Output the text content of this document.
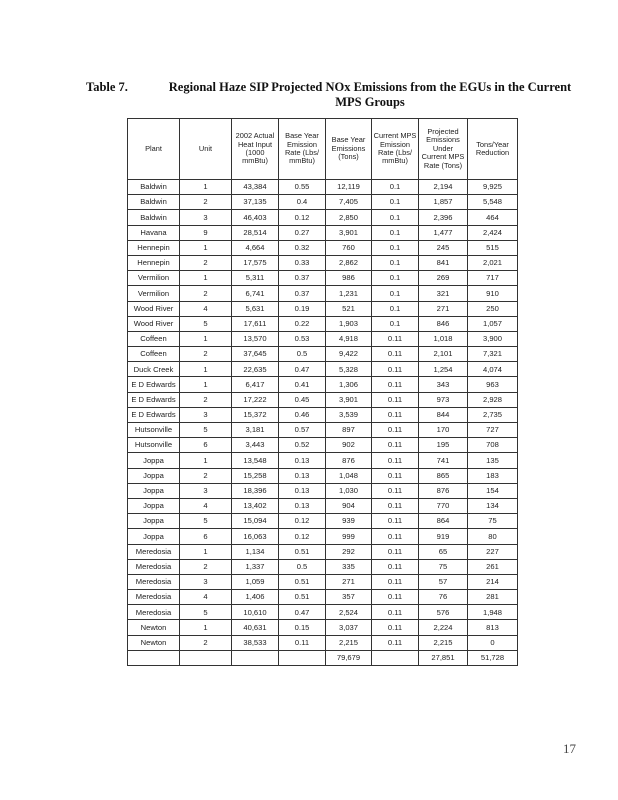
Table 7.	Regional Haze SIP Projected NOx Emissions from the EGUs in the Current MPS Groups
Plant	Unit	2002 Actual Heat Input (1000 mmBtu)	Base Year Emission Rate (Lbs/ mmBtu)	Base Year Emissions (Tons)	Current MPS Emission Rate (Lbs/ mmBtu)	Projected Emissions Under Current MPS Rate (Tons)	Tons/Year Reduction
Baldwin	1	43,384	0.55	12,119	0.1	2,194	9,925
Baldwin	2	37,135	0.4	7,405	0.1	1,857	5,548
Baldwin	3	46,403	0.12	2,850	0.1	2,396	464
Havana	9	28,514	0.27	3,901	0.1	1,477	2,424
Hennepin	1	4,664	0.32	760	0.1	245	515
Hennepin	2	17,575	0.33	2,862	0.1	841	2,021
Vermilion	1	5,311	0.37	986	0.1	269	717
Vermilion	2	6,741	0.37	1,231	0.1	321	910
Wood River	4	5,631	0.19	521	0.1	271	250
Wood River	5	17,611	0.22	1,903	0.1	846	1,057
Coffeen	1	13,570	0.53	4,918	0.11	1,018	3,900
Coffeen	2	37,645	0.5	9,422	0.11	2,101	7,321
Duck Creek	1	22,635	0.47	5,328	0.11	1,254	4,074
E D Edwards	1	6,417	0.41	1,306	0.11	343	963
E D Edwards	2	17,222	0.45	3,901	0.11	973	2,928
E D Edwards	3	15,372	0.46	3,539	0.11	844	2,735
Hutsonville	5	3,181	0.57	897	0.11	170	727
Hutsonville	6	3,443	0.52	902	0.11	195	708
Joppa	1	13,548	0.13	876	0.11	741	135
Joppa	2	15,258	0.13	1,048	0.11	865	183
Joppa	3	18,396	0.13	1,030	0.11	876	154
Joppa	4	13,402	0.13	904	0.11	770	134
Joppa	5	15,094	0.12	939	0.11	864	75
Joppa	6	16,063	0.12	999	0.11	919	80
Meredosia	1	1,134	0.51	292	0.11	65	227
Meredosia	2	1,337	0.5	335	0.11	75	261
Meredosia	3	1,059	0.51	271	0.11	57	214
Meredosia	4	1,406	0.51	357	0.11	76	281
Meredosia	5	10,610	0.47	2,524	0.11	576	1,948
Newton	1	40,631	0.15	3,037	0.11	2,224	813
Newton	2	38,533	0.11	2,215	0.11	2,215	0
				79,679		27,851	51,728
17
